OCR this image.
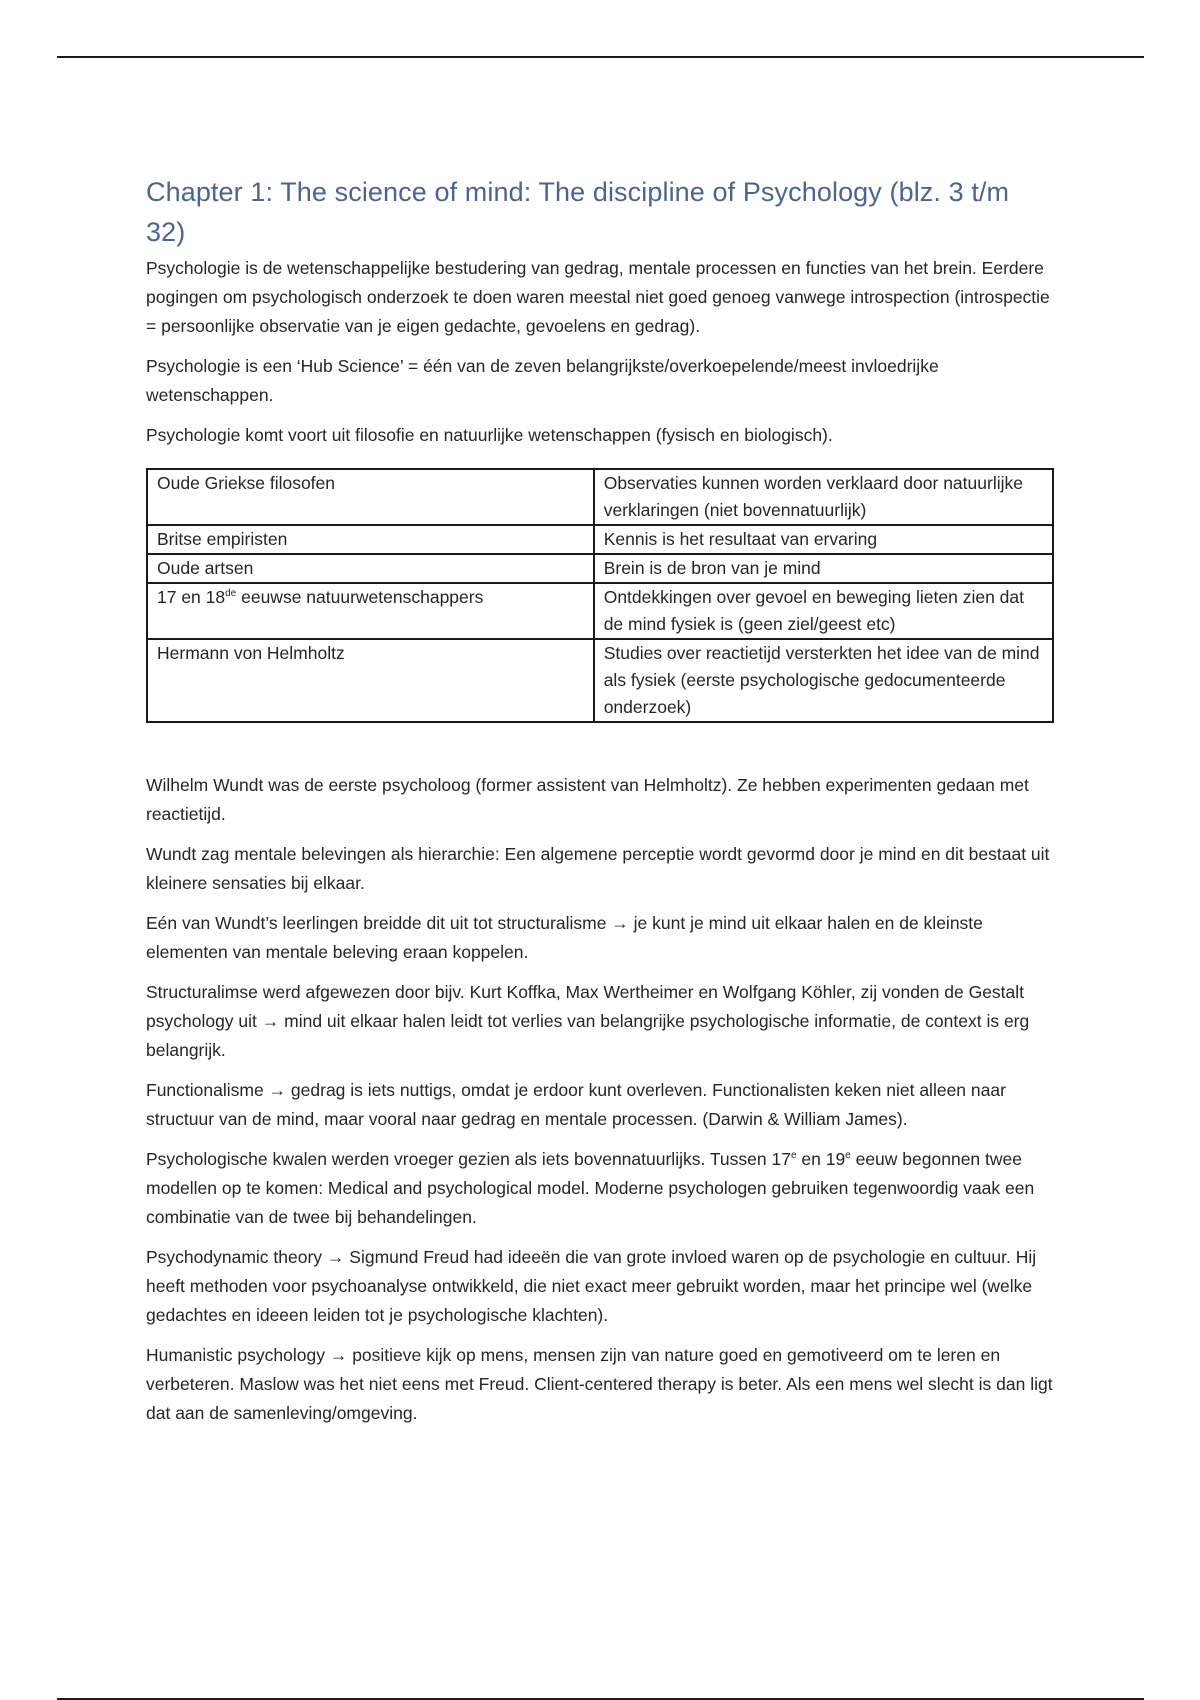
Chapter 1: The science of mind: The discipline of Psychology (blz. 3 t/m 32)

Psychologie is de wetenschappelijke bestudering van gedrag, mentale processen en functies van het brein. Eerdere pogingen om psychologisch onderzoek te doen waren meestal niet goed genoeg vanwege introspection (introspectie = persoonlijke observatie van je eigen gedachte, gevoelens en gedrag).

Psychologie is een ‘Hub Science’ = één van de zeven belangrijkste/overkoepelende/meest invloedrijke wetenschappen.

Psychologie komt voort uit filosofie en natuurlijke wetenschappen (fysisch en biologisch).

Oude Griekse filosofen	Observaties kunnen worden verklaard door natuurlijke verklaringen (niet bovennatuurlijk)
Britse empiristen	Kennis is het resultaat van ervaring
Oude artsen	Brein is de bron van je mind
17 en 18de eeuwse natuurwetenschappers	Ontdekkingen over gevoel en beweging lieten zien dat de mind fysiek is (geen ziel/geest etc)
Hermann von Helmholtz	Studies over reactietijd versterkten het idee van de mind als fysiek (eerste psychologische gedocumenteerde onderzoek)

Wilhelm Wundt was de eerste psycholoog (former assistent van Helmholtz). Ze hebben experimenten gedaan met reactietijd.

Wundt zag mentale belevingen als hierarchie: Een algemene perceptie wordt gevormd door je mind en dit bestaat uit kleinere sensaties bij elkaar.

Eén van Wundt’s leerlingen breidde dit uit tot structuralisme → je kunt je mind uit elkaar halen en de kleinste elementen van mentale beleving eraan koppelen.

Structuralimse werd afgewezen door bijv. Kurt Koffka, Max Wertheimer en Wolfgang Köhler, zij vonden de Gestalt psychology uit → mind uit elkaar halen leidt tot verlies van belangrijke psychologische informatie, de context is erg belangrijk.

Functionalisme → gedrag is iets nuttigs, omdat je erdoor kunt overleven. Functionalisten keken niet alleen naar structuur van de mind, maar vooral naar gedrag en mentale processen. (Darwin & William James).

Psychologische kwalen werden vroeger gezien als iets bovennatuurlijks. Tussen 17e en 19e eeuw begonnen twee modellen op te komen: Medical and psychological model. Moderne psychologen gebruiken tegenwoordig vaak een combinatie van de twee bij behandelingen.

Psychodynamic theory → Sigmund Freud had ideeën die van grote invloed waren op de psychologie en cultuur. Hij heeft methoden voor psychoanalyse ontwikkeld, die niet exact meer gebruikt worden, maar het principe wel (welke gedachtes en ideeen leiden tot je psychologische klachten).

Humanistic psychology → positieve kijk op mens, mensen zijn van nature goed en gemotiveerd om te leren en verbeteren. Maslow was het niet eens met Freud. Client-centered therapy is beter. Als een mens wel slecht is dan ligt dat aan de samenleving/omgeving.
